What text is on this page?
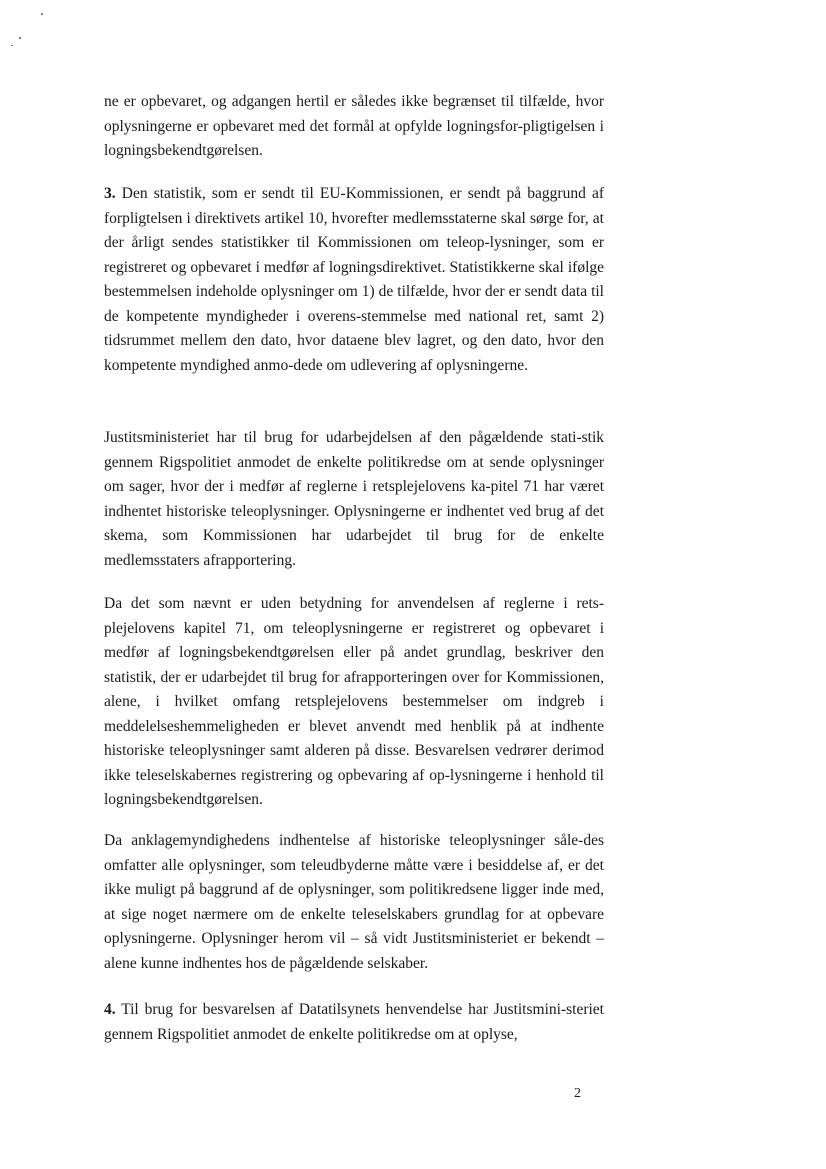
ne er opbevaret, og adgangen hertil er således ikke begrænset til tilfælde, hvor oplysningerne er opbevaret med det formål at opfylde logningsfor-pligtigelsen i logningsbekendtgørelsen.

3. Den statistik, som er sendt til EU-Kommissionen, er sendt på baggrund af forpligtelsen i direktivets artikel 10, hvorefter medlemsstaterne skal sørge for, at der årligt sendes statistikker til Kommissionen om teleop-lysninger, som er registreret og opbevaret i medfør af logningsdirektivet. Statistikkerne skal ifølge bestemmelsen indeholde oplysninger om 1) de tilfælde, hvor der er sendt data til de kompetente myndigheder i overens-stemmelse med national ret, samt 2) tidsrummet mellem den dato, hvor dataene blev lagret, og den dato, hvor den kompetente myndighed anmo-dede om udlevering af oplysningerne.

Justitsministeriet har til brug for udarbejdelsen af den pågældende stati-stik gennem Rigspolitiet anmodet de enkelte politikredse om at sende oplysninger om sager, hvor der i medfør af reglerne i retsplejelovens ka-pitel 71 har været indhentet historiske teleoplysninger. Oplysningerne er indhentet ved brug af det skema, som Kommissionen har udarbejdet til brug for de enkelte medlemsstaters afrapportering.

Da det som nævnt er uden betydning for anvendelsen af reglerne i rets-plejelovens kapitel 71, om teleoplysningerne er registreret og opbevaret i medfør af logningsbekendtgørelsen eller på andet grundlag, beskriver den statistik, der er udarbejdet til brug for afrapporteringen over for Kommissionen, alene, i hvilket omfang retsplejelovens bestemmelser om indgreb i meddelelseshemmeligheden er blevet anvendt med henblik på at indhente historiske teleoplysninger samt alderen på disse. Besvarelsen vedrører derimod ikke teleselskabernes registrering og opbevaring af op-lysningerne i henhold til logningsbekendtgørelsen.

Da anklagemyndighedens indhentelse af historiske teleoplysninger såle-des omfatter alle oplysninger, som teleudbyderne måtte være i besiddelse af, er det ikke muligt på baggrund af de oplysninger, som politikredsene ligger inde med, at sige noget nærmere om de enkelte teleselskabers grundlag for at opbevare oplysningerne. Oplysninger herom vil – så vidt Justitsministeriet er bekendt – alene kunne indhentes hos de pågældende selskaber.

4. Til brug for besvarelsen af Datatilsynets henvendelse har Justitsmini-steriet gennem Rigspolitiet anmodet de enkelte politikredse om at oplyse,

2
